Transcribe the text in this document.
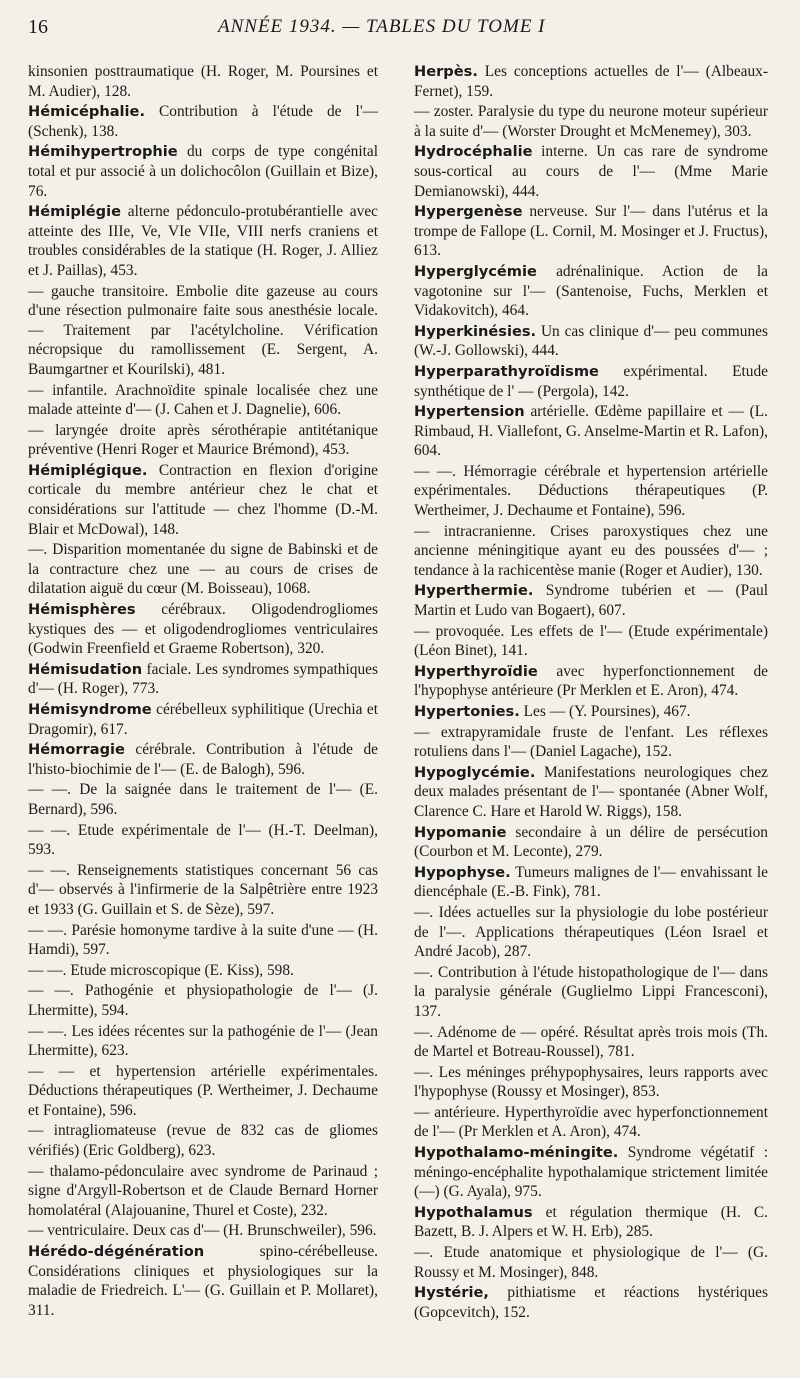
16	ANNÉE 1934. — TABLES DU TOME I

kinsonien posttraumatique (H. Roger, M. Poursines et M. Audier), 128.

Hémicéphalie. Contribution à l'étude de l'— (Schenk), 138.

Hémihypertrophie du corps de type congénital total et pur associé à un dolichocôlon (Guillain et Bize), 76.

Hémiplégie alterne pédonculo-protubérantielle avec atteinte des IIIe, Ve, VIe VIIe, VIII nerfs craniens et troubles considérables de la statique (H. Roger, J. Alliez et J. Paillas), 453.

— gauche transitoire. Embolie dite gazeuse au cours d'une résection pulmonaire faite sous anesthésie locale. — Traitement par l'acétylcholine. Vérification nécropsique du ramollissement (E. Sergent, A. Baumgartner et Kourilski), 481.

— infantile. Arachnoïdite spinale localisée chez une malade atteinte d'— (J. Cahen et J. Dagnelie), 606.

— laryngée droite après sérothérapie antitétanique préventive (Henri Roger et Maurice Brémond), 453.

Hémiplégique. Contraction en flexion d'origine corticale du membre antérieur chez le chat et considérations sur l'attitude — chez l'homme (D.-M. Blair et McDowal), 148.

—. Disparition momentanée du signe de Babinski et de la contracture chez une — au cours de crises de dilatation aiguë du cœur (M. Boisseau), 1068.

Hémisphères cérébraux. Oligodendrogliomes kystiques des — et oligodendrogliomes ventriculaires (Godwin Freenfield et Graeme Robertson), 320.

Hémisudation faciale. Les syndromes sympathiques d'— (H. Roger), 773.

Hémisyndrome cérébelleux syphilitique (Urechia et Dragomir), 617.

Hémorragie cérébrale. Contribution à l'étude de l'histo-biochimie de l'— (E. de Balogh), 596.

— —. De la saignée dans le traitement de l'— (E. Bernard), 596.

— —. Etude expérimentale de l'— (H.-T. Deelman), 593.

— —. Renseignements statistiques concernant 56 cas d'— observés à l'infirmerie de la Salpêtrière entre 1923 et 1933 (G. Guillain et S. de Sèze), 597.

— —. Parésie homonyme tardive à la suite d'une — (H. Hamdi), 597.

— —. Etude microscopique (E. Kiss), 598.

— —. Pathogénie et physiopathologie de l'— (J. Lhermitte), 594.

— —. Les idées récentes sur la pathogénie de l'— (Jean Lhermitte), 623.

— — et hypertension artérielle expérimentales. Déductions thérapeutiques (P. Wertheimer, J. Dechaume et Fontaine), 596.

— intragliomateuse (revue de 832 cas de gliomes vérifiés) (Eric Goldberg), 623.

— thalamo-pédonculaire avec syndrome de Parinaud ; signe d'Argyll-Robertson et de Claude Bernard Horner homolatéral (Alajouanine, Thurel et Coste), 232.

— ventriculaire. Deux cas d'— (H. Brunschweiler), 596.

Hérédo-dégénération spino-cérébelleuse. Considérations cliniques et physiologiques sur la maladie de Friedreich. L'— (G. Guillain et P. Mollaret), 311.

Herpès. Les conceptions actuelles de l'— (Albeaux-Fernet), 159.

— zoster. Paralysie du type du neurone moteur supérieur à la suite d'— (Worster Drought et McMenemey), 303.

Hydrocéphalie interne. Un cas rare de syndrome sous-cortical au cours de l'— (Mme Marie Demianowski), 444.

Hypergenèse nerveuse. Sur l'— dans l'utérus et la trompe de Fallope (L. Cornil, M. Mosinger et J. Fructus), 613.

Hyperglycémie adrénalinique. Action de la vagotonine sur l'— (Santenoise, Fuchs, Merklen et Vidakovitch), 464.

Hyperkinésies. Un cas clinique d'— peu communes (W.-J. Gollowski), 444.

Hyperparathyroïdisme expérimental. Etude synthétique de l' — (Pergola), 142.

Hypertension artérielle. Œdème papillaire et — (L. Rimbaud, H. Viallefont, G. Anselme-Martin et R. Lafon), 604.

— —. Hémorragie cérébrale et hypertension artérielle expérimentales. Déductions thérapeutiques (P. Wertheimer, J. Dechaume et Fontaine), 596.

— intracranienne. Crises paroxystiques chez une ancienne méningitique ayant eu des poussées d'— ; tendance à la rachicentèse manie (Roger et Audier), 130.

Hyperthermie. Syndrome tubérien et — (Paul Martin et Ludo van Bogaert), 607.

— provoquée. Les effets de l'— (Etude expérimentale) (Léon Binet), 141.

Hyperthyroïdie avec hyperfonctionnement de l'hypophyse antérieure (Pr Merklen et E. Aron), 474.

Hypertonies. Les — (Y. Poursines), 467.

— extrapyramidale fruste de l'enfant. Les réflexes rotuliens dans l'— (Daniel Lagache), 152.

Hypoglycémie. Manifestations neurologiques chez deux malades présentant de l'— spontanée (Abner Wolf, Clarence C. Hare et Harold W. Riggs), 158.

Hypomanie secondaire à un délire de persécution (Courbon et M. Leconte), 279.

Hypophyse. Tumeurs malignes de l'— envahissant le diencéphale (E.-B. Fink), 781.

—. Idées actuelles sur la physiologie du lobe postérieur de l'—. Applications thérapeutiques (Léon Israel et André Jacob), 287.

—. Contribution à l'étude histopathologique de l'— dans la paralysie générale (Guglielmo Lippi Francesconi), 137.

—. Adénome de — opéré. Résultat après trois mois (Th. de Martel et Botreau-Roussel), 781.

—. Les méninges préhypophysaires, leurs rapports avec l'hypophyse (Roussy et Mosinger), 853.

— antérieure. Hyperthyroïdie avec hyperfonctionnement de l'— (Pr Merklen et A. Aron), 474.

Hypothalamo-méningite. Syndrome végétatif : méningo-encéphalite hypothalamique strictement limitée (—) (G. Ayala), 975.

Hypothalamus et régulation thermique (H. C. Bazett, B. J. Alpers et W. H. Erb), 285.

—. Etude anatomique et physiologique de l'— (G. Roussy et M. Mosinger), 848.

Hystérie, pithiatisme et réactions hystériques (Gopcevitch), 152.
